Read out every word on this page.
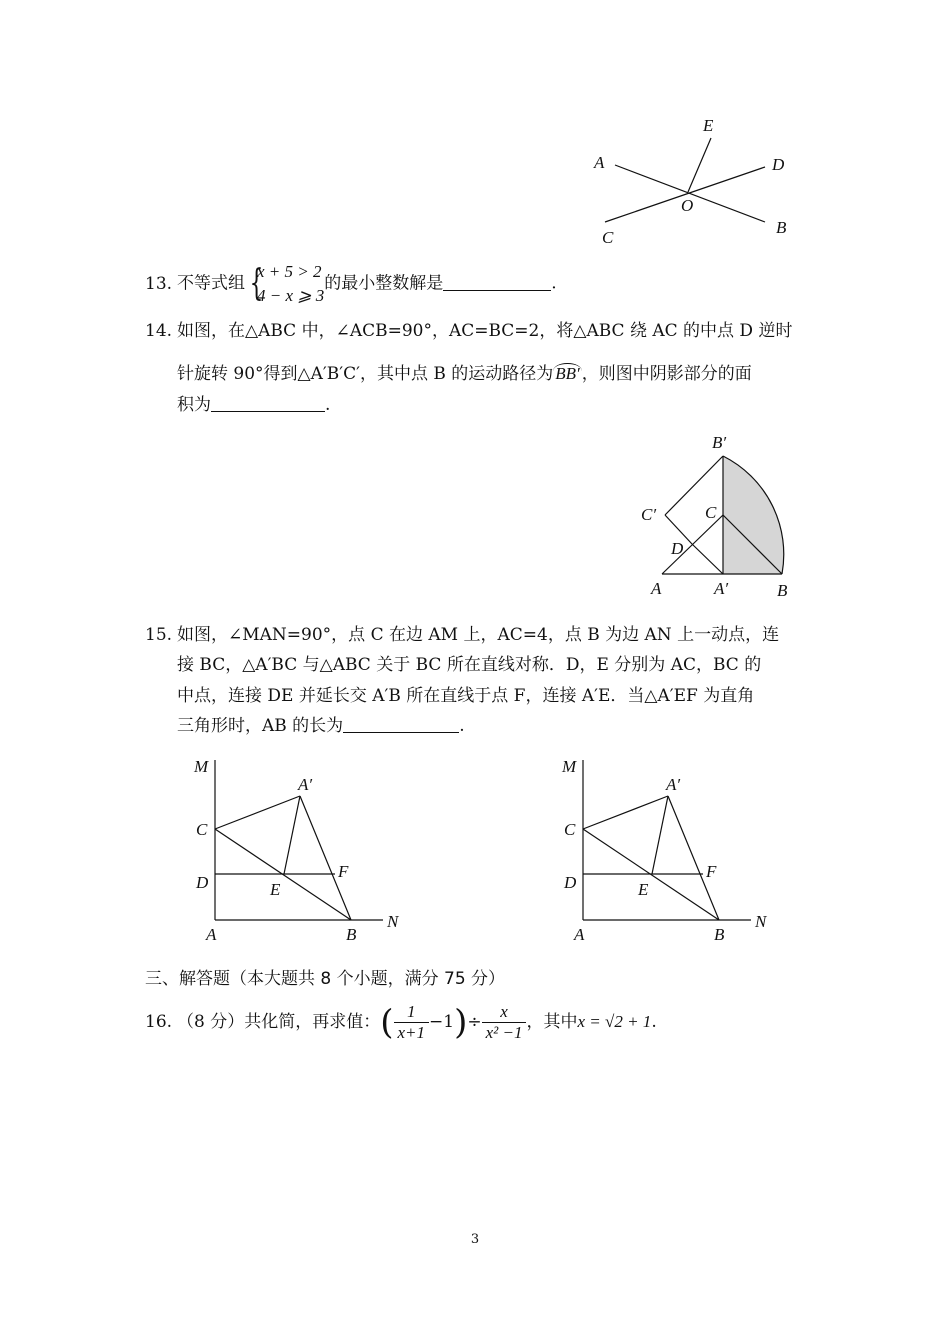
E
A	D
O
C
B
13. 不等式组 {
x + 5 > 2
4 − x ⩾ 3
的最小整数解是	.
14. 如图，在△ABC 中，∠ACB=90°，AC=BC=2，将△ABC 绕 AC 的中点 D 逆时
针旋转 90°得到△A′B′C′，其中点 B 的运动路径为 BB′ ，则图中阴影部分的面
积为	.
B′
C′	C
D
A	A′	B
15. 如图，∠MAN=90°，点 C 在边 AM 上，AC=4，点 B 为边 AN 上一动点，连
接 BC，△A′BC 与△ABC 关于 BC 所在直线对称．D，E 分别为 AC，BC 的
中点，连接 DE 并延长交 A′B 所在直线于点 F，连接 A′E．当△A′EF 为直角
三角形时，AB 的长为	.
M
A′
C
F
D	E
A	B
N
M
A′
C
F
D	E
A	B
N
三、解答题（本大题共 8 个小题，满分 75 分）
16. （8 分）共化简，再求值：( $\frac{1}{x+1} -1)\div \frac{x}{\text{x² −1}}$ ，其中x = √2 + 1.
3
